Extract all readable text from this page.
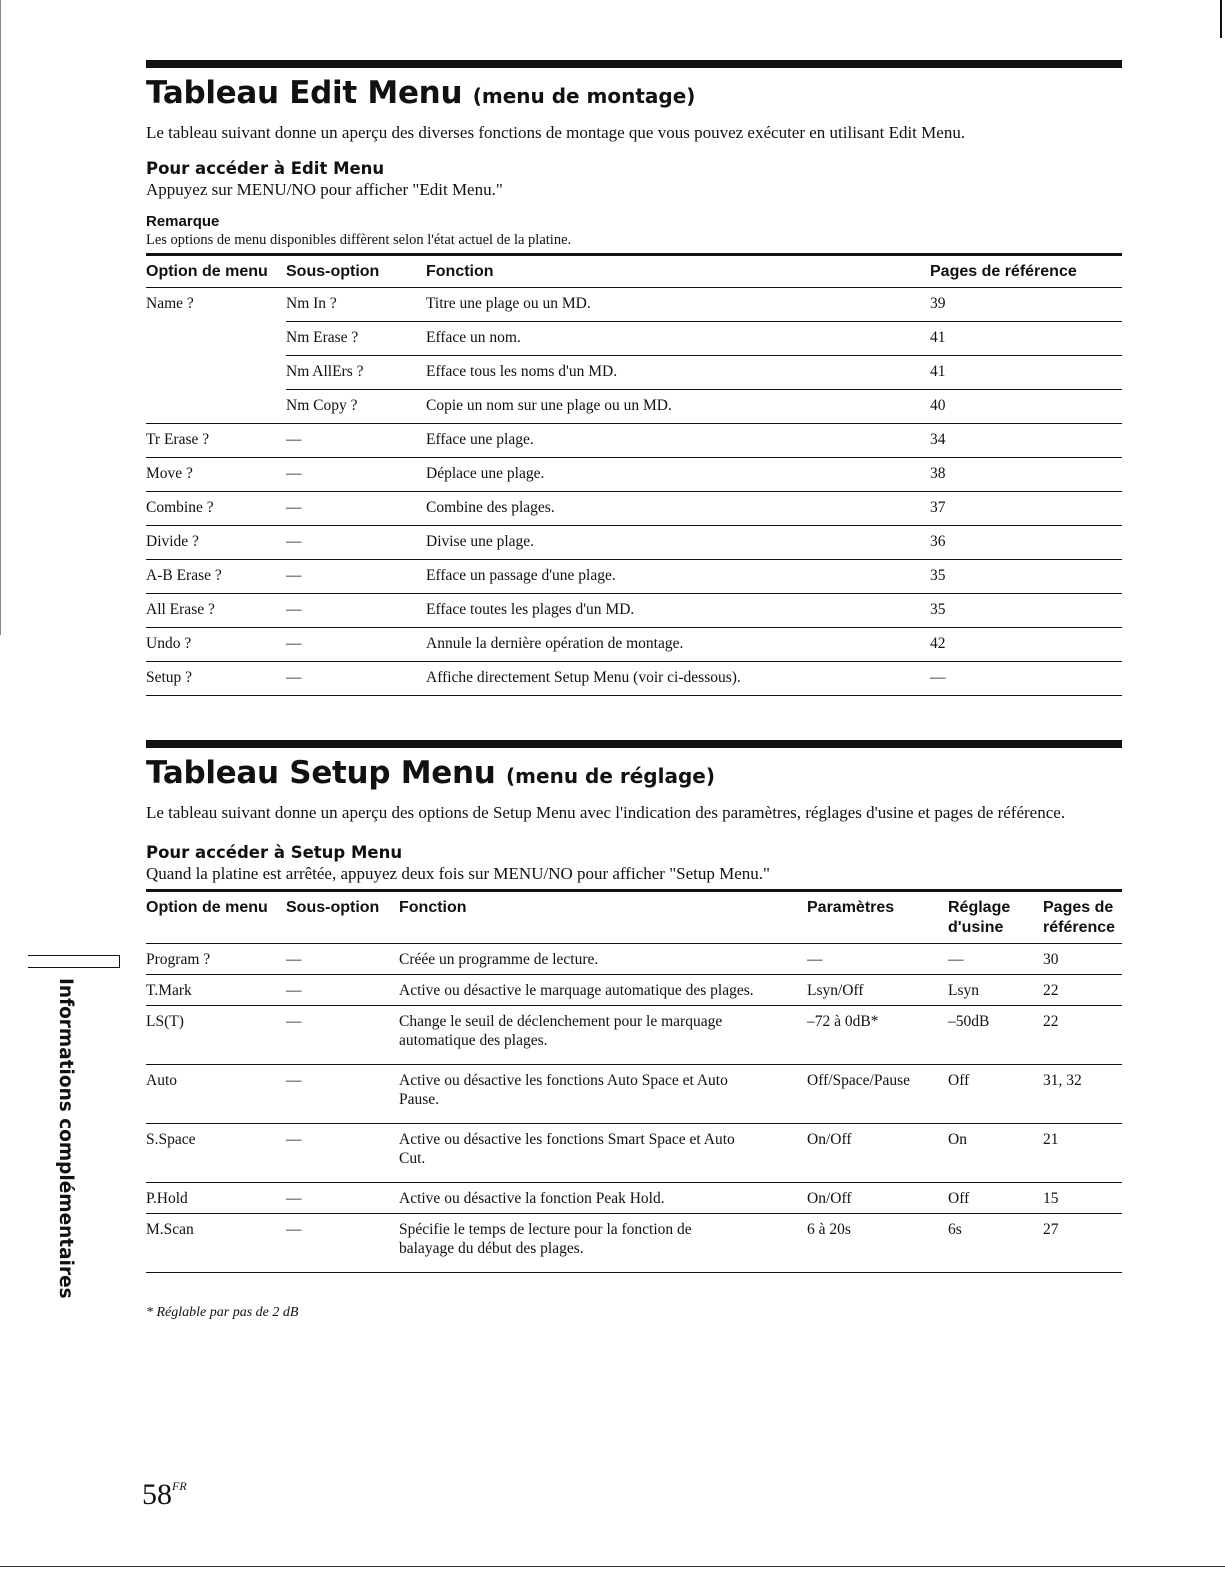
Tableau Edit Menu (menu de montage)

Le tableau suivant donne un aperçu des diverses fonctions de montage que vous pouvez exécuter en utilisant Edit Menu.

Pour accéder à Edit Menu

Appuyez sur MENU/NO pour afficher "Edit Menu."

Remarque

Les options de menu disponibles diffèrent selon l'état actuel de la platine.

Option de menu	Sous-option	Fonction	Pages de référence
Name ?	Nm In ?	Titre une plage ou un MD.	39
	Nm Erase ?	Efface un nom.	41
	Nm AllErs ?	Efface tous les noms d'un MD.	41
	Nm Copy ?	Copie un nom sur une plage ou un MD.	40
Tr Erase ?	—	Efface une plage.	34
Move ?	—	Déplace une plage.	38
Combine ?	—	Combine des plages.	37
Divide ?	—	Divise une plage.	36
A-B Erase ?	—	Efface un passage d'une plage.	35
All Erase ?	—	Efface toutes les plages d'un MD.	35
Undo ?	—	Annule la dernière opération de montage.	42
Setup ?	—	Affiche directement Setup Menu (voir ci-dessous).	—
Tableau Setup Menu (menu de réglage)

Le tableau suivant donne un aperçu des options de Setup Menu avec l'indication des paramètres, réglages d'usine et pages de référence.

Pour accéder à Setup Menu

Quand la platine est arrêtée, appuyez deux fois sur MENU/NO pour afficher "Setup Menu."

Option de menu	Sous-option	Fonction	Paramètres	Réglage d'usine	Pages de référence
Program ?	—	Créée un programme de lecture.	—	—	30
T.Mark	—	Active ou désactive le marquage automatique des plages.	Lsyn/Off	Lsyn	22
LS(T)	—	Change le seuil de déclenchement pour le marquage automatique des plages.	–72 à 0dB*	–50dB	22
Auto	—	Active ou désactive les fonctions Auto Space et Auto Pause.	Off/Space/Pause	Off	31, 32
S.Space	—	Active ou désactive les fonctions Smart Space et Auto Cut.	On/Off	On	21
P.Hold	—	Active ou désactive la fonction Peak Hold.	On/Off	Off	15
M.Scan	—	Spécifie le temps de lecture pour la fonction de balayage du début des plages.	6 à 20s	6s	27
* Réglable par pas de 2 dB
Informations complémentaires
$58^{FR}$
